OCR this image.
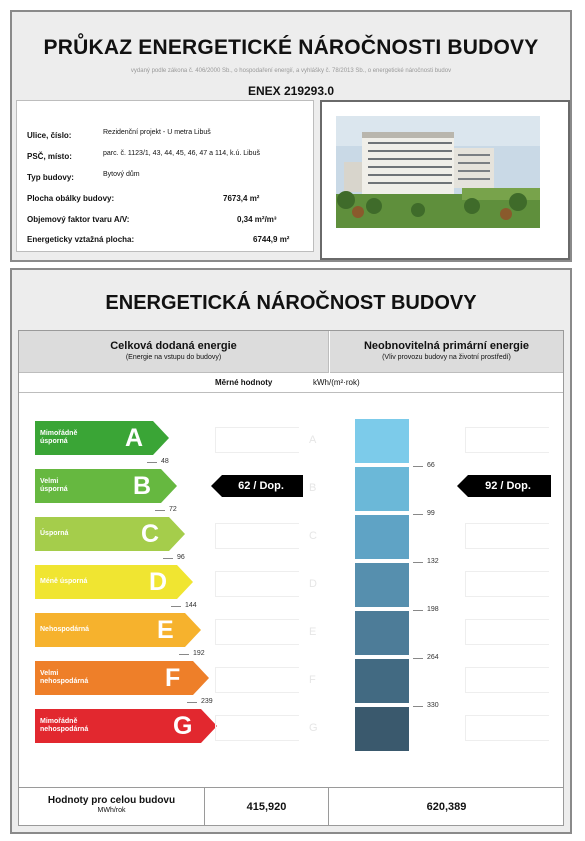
PRŮKAZ ENERGETICKÉ NÁROČNOSTI BUDOVY
vydaný podle zákona č. 406/2000 Sb., o hospodaření energií, a vyhlášky č. 78/2013 Sb., o energetické náročnosti budov
ENEX 219293.0
Ulice, číslo:	Rezidenční projekt - U metra Libuš
PSČ, místo:	parc. č. 1123/1, 43, 44, 45, 46, 47 a 114, k.ú. Libuš
Typ budovy:	Bytový dům
Plocha obálky budovy:	7673,4 m²
Objemový faktor tvaru A/V:	0,34 m²/m³
Energeticky vztažná plocha:	6744,9 m²
ENERGETICKÁ NÁROČNOST BUDOVY
Celková dodaná energie
(Energie na vstupu do budovy)
Neobnovitelná primární energie
(Vliv provozu budovy na životní prostředí)
Měrné hodnoty	kWh/(m²·rok)
Mimořádně
úsporná	A
Velmi
úsporná	B
Úsporná	C
Méně úsporná D
Nehospodárná	E
Velmi
nehospodárná	F
Mimořádně
nehospodárná	G
48
72
96
144
192
239
A
B
C
D
E
F
G
62 / Dop.
66
99
132
198
264
330
92 / Dop.
Hodnoty pro celou budovu
MWh/rok	415,920	620,389
